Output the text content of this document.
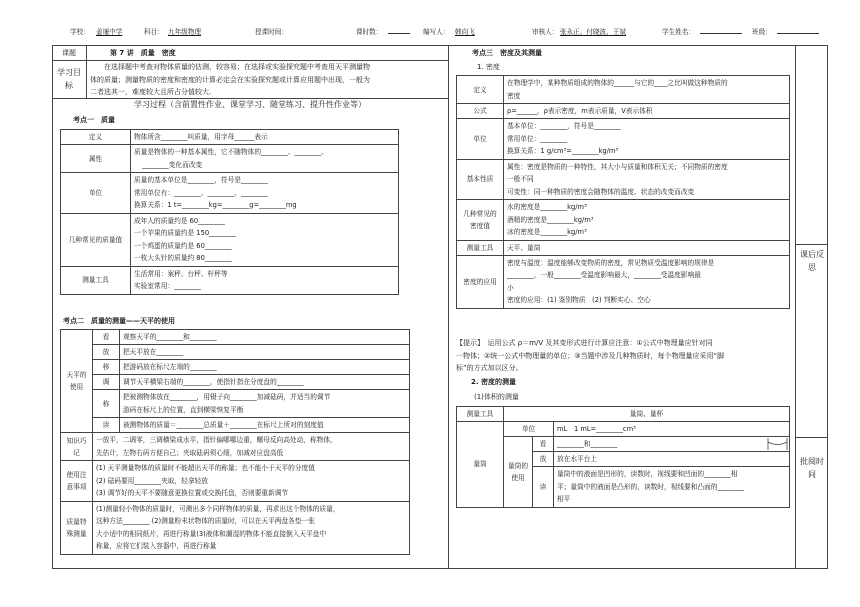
学校： 姜堰中学	科目： 九年级物理	授课时间：	课时数：	编写人： 韩向飞	审核人： 张永正、付晓波、王斌	学生姓名：	班级：
课题	第 7 讲　质量　密度
学习目标
在选择题中考查对物体质量的估测，较容易；在选择或实验探究题中考查用天平测量物
体的质量；测量物质的密度和密度的计算必定会在实验探究题或计算应用题中出现，一般为
二者选其一，难度较大且所占分值较大.
学习过程（含前置性作业、课堂学习、随堂练习、提升性作业等）
考点一　质量
定义	物体所含________叫质量，用字母______表示
属性	质量是物体的一种基本属性，它不随物体的________、________、
________变化而改变

单位	质量的基本单位是________，符号是________
常用单位有：________、________、________
换算关系：1 t=________kg=________g=________mg

几种常见的质量值	成年人的质量约是 60________
一个苹果的质量约是 150________
一个鸡蛋的质量约是 60________
一枚大头针的质量约 80________

测量工具	生活常用：案秤、台秤、杆秤等
实验室常用：________
考点二　质量的测量——天平的使用
天平的使用	看	观察天平的________和________
	放	把天平放在________
	移	把游码放在标尺左端的________
	调	调节天平横梁右端的________，使指针指在分度盘的________
	称	把被测物体放在________，用镊子向________加减砝码，并适当的调节
游码在标尺上的位置，直到横梁恢复平衡

	读	被测物体的质量＝________总质量＋________在标尺上所对的刻度值
知识巧记	一放平，二调零，三调横梁成水平，指针偏哪哪边重，螺母反向高处动，称物体，
先估计，左物右码方便自己；夹取砝码须心细，加减对应盘高低	

使用注意事项	(1) 天平测量物体的质量时不能超出天平的称量；也不能小于天平的分度值
(2) 砝码要用________夹取，轻拿轻放
(3) 调节好的天平不要随意更换位置或交换托盘，否则要重新调节	

质量特殊测量	(1)测量轻小物体的质量时，可测出多个同样物体的质量，再求出这个物体的质量，
这种方法________ (2)测量粉末状物体的质量时，可以在天平两盘各垫一张
大小适中的相同纸片，再进行称量(3)液体和潮湿的物体不能直接倒入天平盘中
称量，应将它们装入容器中，再进行称量	
考点三　密度及其测量
1. 密度
定义	在物理学中，某种物质组成的物体的______与它的____之比叫做这种物质的
密度

公式	ρ=______，ρ表示密度，m表示质量，V表示体积
单位	基本单位：________，符号是________
常用单位：________
换算关系：1 g/cm³=________kg/m³

基本性质	属性：密度是物质的一种特性，其大小与质量和体积无关；不同物质的密度
一般不同
可变性：同一种物质的密度会随物体的温度、状态的改变而改变

几种常见的密度值	水的密度是________kg/m³
酒精的密度是________kg/m³
冰的密度是________kg/m³

测量工具	天平、量筒
密度的应用	密度与温度：温度能够改变物质的密度，常见物质受温度影响的规律是
________，一般________受温度影响最大，________受温度影响最
小
密度的应用：(1) 鉴别物质　(2) 判断实心、空心
【提示】　运用公式 ρ＝m/V 及其变形式进行计算应注意：①公式中物理量应针对同
一物体；②统一公式中物理量的单位；③当题中涉及几种物质时，每个物理量应采用“脚
标”的方式加以区分。
2. 密度的测量
(1)体积的测量
测量工具	量筒、量杯		
量筒	单位		mL　 1 mL=________cm³
	量筒的使用	看	________和________
		放	放在水平台上
		读	量筒中的液面是凹形的，读数时，视线要和凹面的________相
平；量筒中的液面是凸形的，读数时，视线要和凸面的________
相平
课后反思
批阅时间
